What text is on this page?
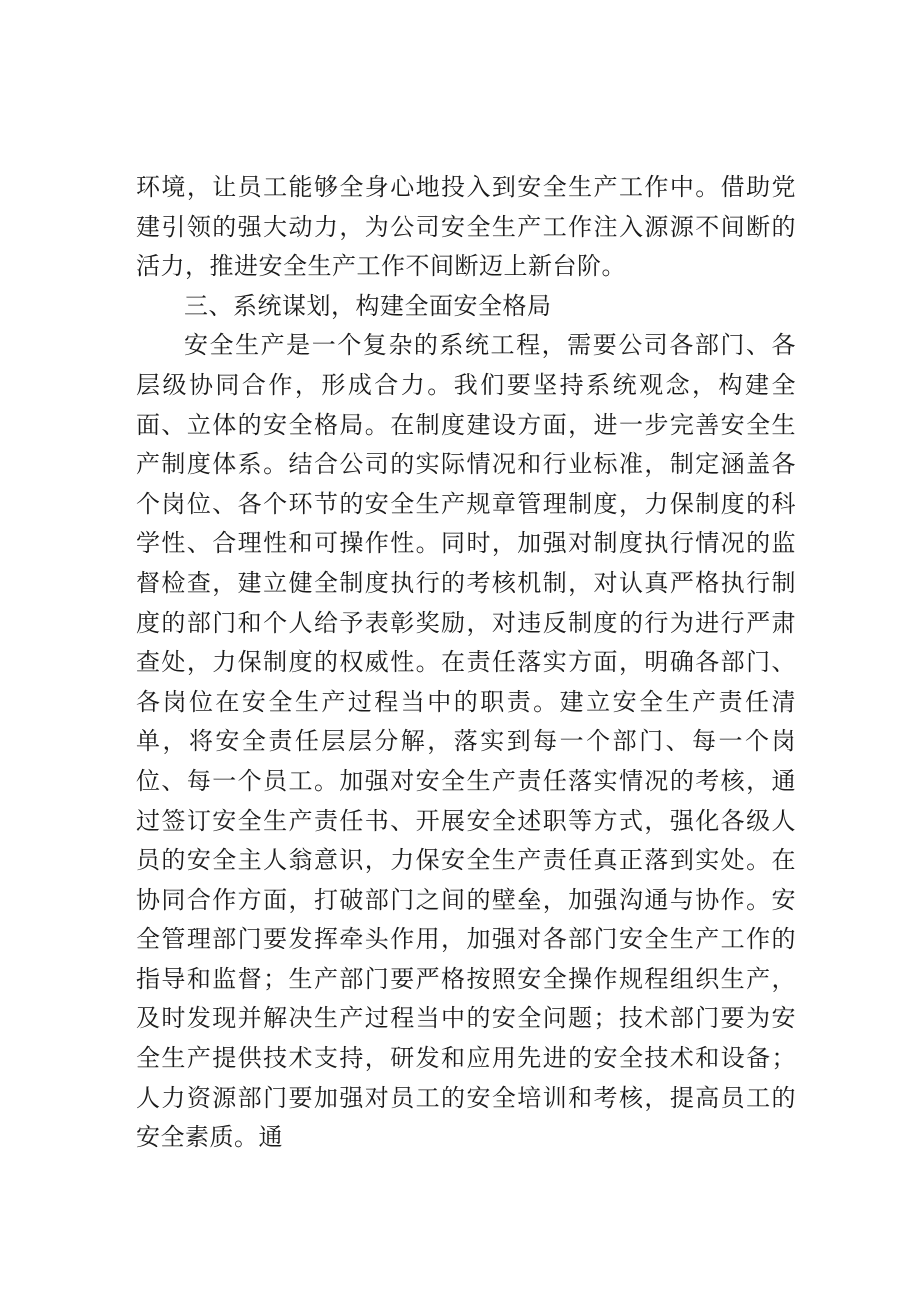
环境，让员工能够全身心地投入到安全生产工作中。借助党建引领的强大动力，为公司安全生产工作注入源源不间断的活力，推进安全生产工作不间断迈上新台阶。

三、系统谋划，构建全面安全格局

安全生产是一个复杂的系统工程，需要公司各部门、各层级协同合作，形成合力。我们要坚持系统观念，构建全面、立体的安全格局。在制度建设方面，进一步完善安全生产制度体系。结合公司的实际情况和行业标准，制定涵盖各个岗位、各个环节的安全生产规章管理制度，力保制度的科学性、合理性和可操作性。同时，加强对制度执行情况的监督检查，建立健全制度执行的考核机制，对认真严格执行制度的部门和个人给予表彰奖励，对违反制度的行为进行严肃查处，力保制度的权威性。在责任落实方面，明确各部门、各岗位在安全生产过程当中的职责。建立安全生产责任清单，将安全责任层层分解，落实到每一个部门、每一个岗位、每一个员工。加强对安全生产责任落实情况的考核，通过签订安全生产责任书、开展安全述职等方式，强化各级人员的安全主人翁意识，力保安全生产责任真正落到实处。在协同合作方面，打破部门之间的壁垒，加强沟通与协作。安全管理部门要发挥牵头作用，加强对各部门安全生产工作的指导和监督；生产部门要严格按照安全操作规程组织生产，及时发现并解决生产过程当中的安全问题；技术部门要为安全生产提供技术支持，研发和应用先进的安全技术和设备；人力资源部门要加强对员工的安全培训和考核，提高员工的安全素质。通
